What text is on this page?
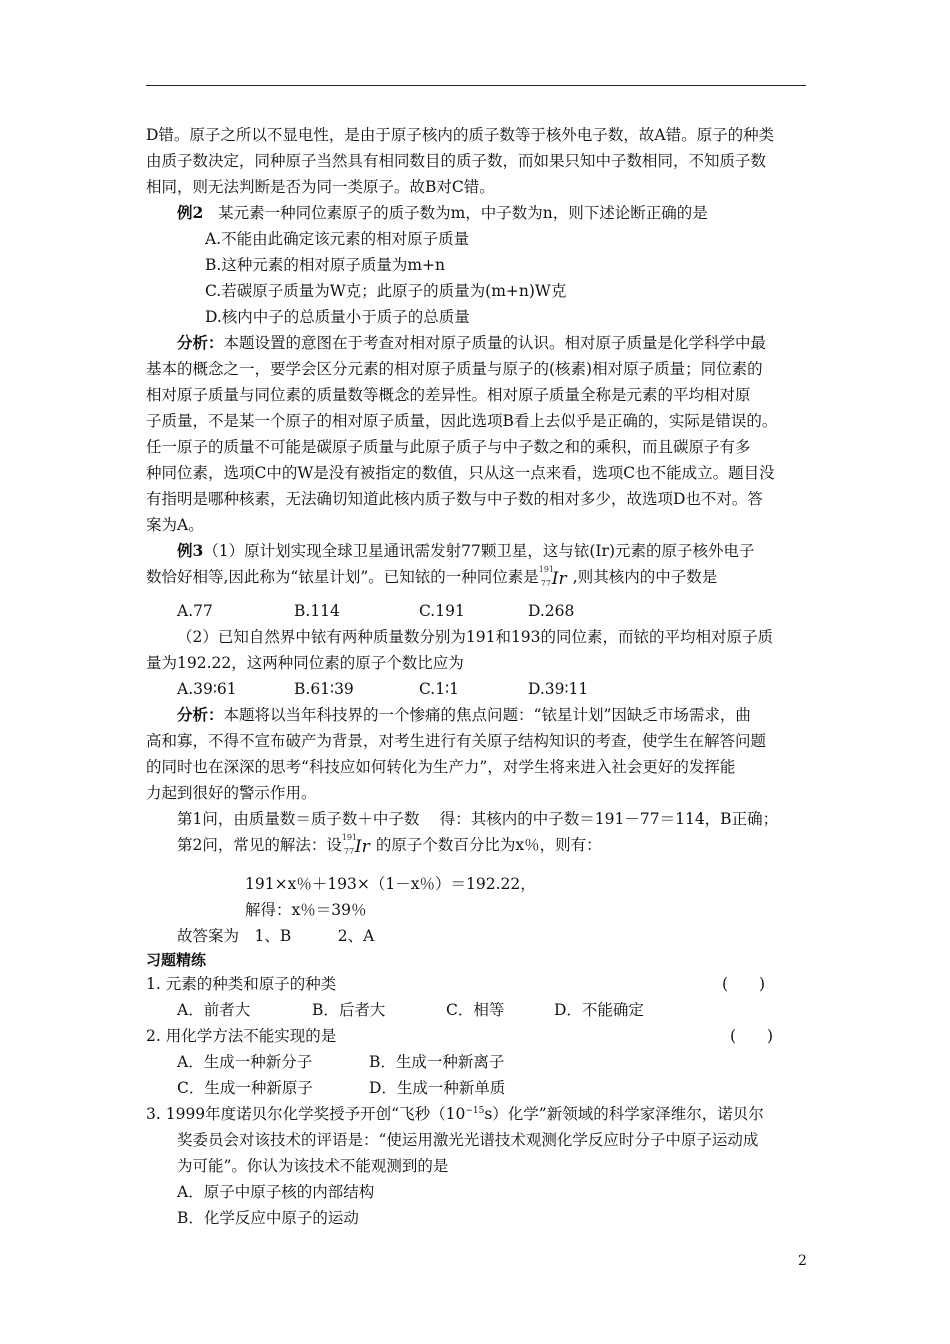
D错。原子之所以不显电性，是由于原子核内的质子数等于核外电子数，故A错。原子的种类
由质子数决定，同种原子当然具有相同数目的质子数，而如果只知中子数相同，不知质子数
相同，则无法判断是否为同一类原子。故B对C错。
例2 某元素一种同位素原子的质子数为m，中子数为n，则下述论断正确的是
A.不能由此确定该元素的相对原子质量
B.这种元素的相对原子质量为m+n
C.若碳原子质量为W克；此原子的质量为(m+n)W克
D.核内中子的总质量小于质子的总质量
分析：本题设置的意图在于考查对相对原子质量的认识。相对原子质量是化学科学中最
基本的概念之一，要学会区分元素的相对原子质量与原子的(核素)相对原子质量；同位素的
相对原子质量与同位素的质量数等概念的差异性。相对原子质量全称是元素的平均相对原
子质量，不是某一个原子的相对原子质量，因此选项B看上去似乎是正确的，实际是错误的。
任一原子的质量不可能是碳原子质量与此原子质子与中子数之和的乘积，而且碳原子有多
种同位素，选项C中的W是没有被指定的数值，只从这一点来看，选项C也不能成立。题目没
有指明是哪种核素，无法确切知道此核内质子数与中子数的相对多少，故选项D也不对。答
案为A。
例3（1）原计划实现全球卫星通讯需发射77颗卫星，这与铱(Ir)元素的原子核外电子
数恰好相等,因此称为“铱星计划”。已知铱的一种同位素是 191
77 Ir ,则其核内的中子数是
A.77	B.114	C.191	D.268
（2）已知自然界中铱有两种质量数分别为191和193的同位素，而铱的平均相对原子质
量为192.22，这两种同位素的原子个数比应为
A.39∶61	B.61∶39	C.1∶1	D.39∶11
分析：本题将以当年科技界的一个惨痛的焦点问题：“铱星计划”因缺乏市场需求，曲
高和寡，不得不宣布破产为背景，对考生进行有关原子结构知识的考查，使学生在解答问题
的同时也在深深的思考“科技应如何转化为生产力”，对学生将来进入社会更好的发挥能
力起到很好的警示作用。
第1问，由质量数＝质子数＋中子数　 得：其核内的中子数＝191－77＝114，B正确；
第2问，常见的解法：设 191
77 Ir 的原子个数百分比为x％，则有：
191×x％＋193×（1－x％）＝192.22，
解得：x％＝39％
故答案为　1、B　　　2、A
习题精练
1. 元素的种类和原子的种类	(　　)
A．前者大	B．后者大	C．相等	D．不能确定
2. 用化学方法不能实现的是	(　　)
A．生成一种新分子	B．生成一种新离子
C．生成一种新原子	D．生成一种新单质
3. 1999年度诺贝尔化学奖授予开创“飞秒$(10^{-15}s)$化学”新领域的科学家泽维尔，诺贝尔
奖委员会对该技术的评语是：“使运用激光光谱技术观测化学反应时分子中原子运动成
为可能”。你认为该技术不能观测到的是
A．原子中原子核的内部结构
B．化学反应中原子的运动
2
